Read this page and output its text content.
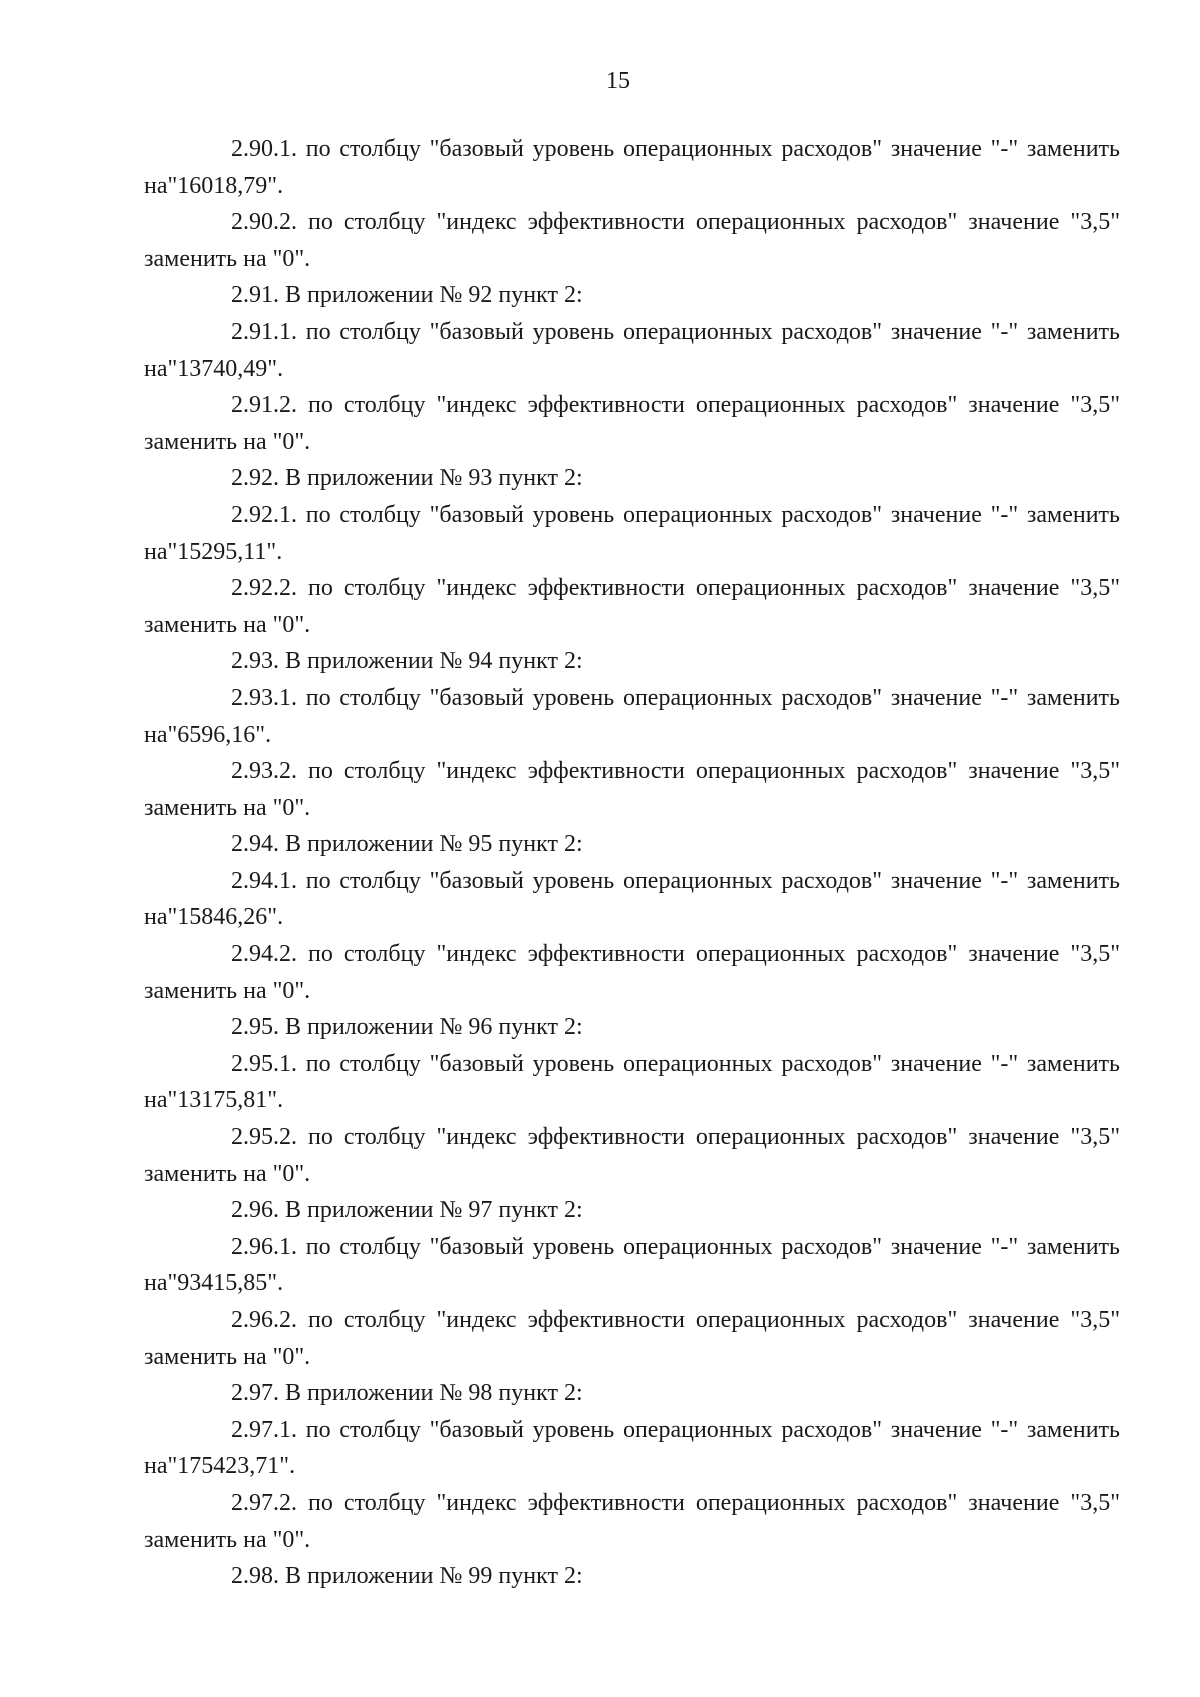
15

2.90.1. по столбцу "базовый уровень операционных расходов" значение "-" заменить на"16018,79".

2.90.2. по столбцу "индекс эффективности операционных расходов" значение "3,5" заменить на "0".

2.91. В приложении № 92 пункт 2:

2.91.1. по столбцу "базовый уровень операционных расходов" значение "-" заменить на"13740,49".

2.91.2. по столбцу "индекс эффективности операционных расходов" значение "3,5" заменить на "0".

2.92. В приложении № 93 пункт 2:

2.92.1. по столбцу "базовый уровень операционных расходов" значение "-" заменить на"15295,11".

2.92.2. по столбцу "индекс эффективности операционных расходов" значение "3,5" заменить на "0".

2.93. В приложении № 94 пункт 2:

2.93.1. по столбцу "базовый уровень операционных расходов" значение "-" заменить на"6596,16".

2.93.2. по столбцу "индекс эффективности операционных расходов" значение "3,5" заменить на "0".

2.94. В приложении № 95 пункт 2:

2.94.1. по столбцу "базовый уровень операционных расходов" значение "-" заменить на"15846,26".

2.94.2. по столбцу "индекс эффективности операционных расходов" значение "3,5" заменить на "0".

2.95. В приложении № 96 пункт 2:

2.95.1. по столбцу "базовый уровень операционных расходов" значение "-" заменить на"13175,81".

2.95.2. по столбцу "индекс эффективности операционных расходов" значение "3,5" заменить на "0".

2.96. В приложении № 97 пункт 2:

2.96.1. по столбцу "базовый уровень операционных расходов" значение "-" заменить на"93415,85".

2.96.2. по столбцу "индекс эффективности операционных расходов" значение "3,5" заменить на "0".

2.97. В приложении № 98 пункт 2:

2.97.1. по столбцу "базовый уровень операционных расходов" значение "-" заменить на"175423,71".

2.97.2. по столбцу "индекс эффективности операционных расходов" значение "3,5" заменить на "0".

2.98. В приложении № 99 пункт 2:
